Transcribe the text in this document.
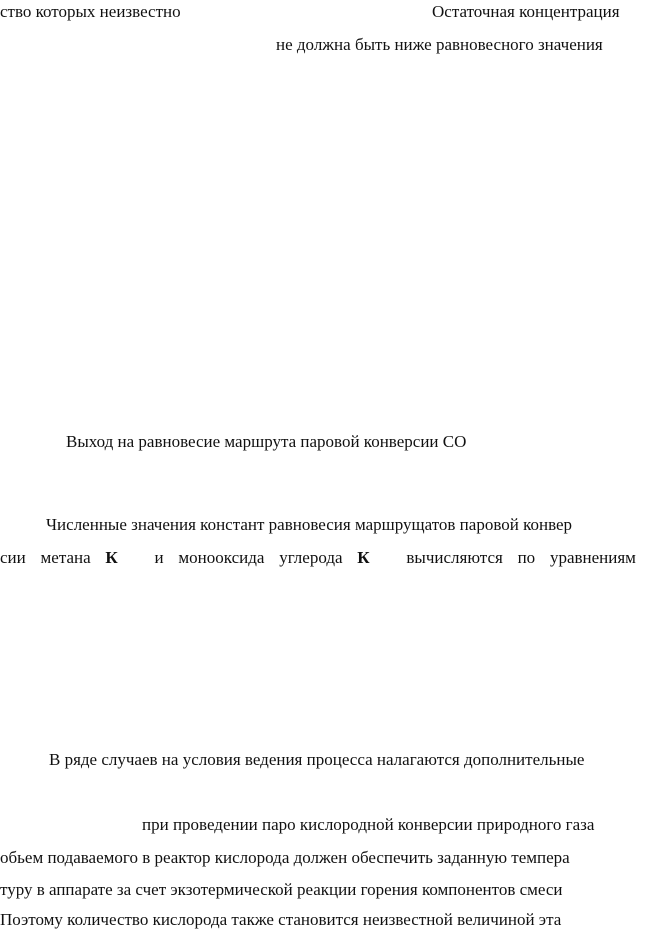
ство которых неизвестно	Остаточная концентрация
не должна быть ниже равновесного значения
Выход на равновесие маршрута паровой конверсии СО
Численные значения констант равновесия маршрущатов паровой конвер
сии метана К и монооксида углерода К вычисляются по уравнениям
В ряде случаев на условия ведения процесса налагаются дополнительные
при проведении паро кислородной конверсии природного газа
обьем подаваемого в реактор кислорода должен обеспечить заданную темпера
туру в аппарате за счет экзотермической реакции горения компонентов смеси
Поэтому количество кислорода также становится неизвестной величиной эта
